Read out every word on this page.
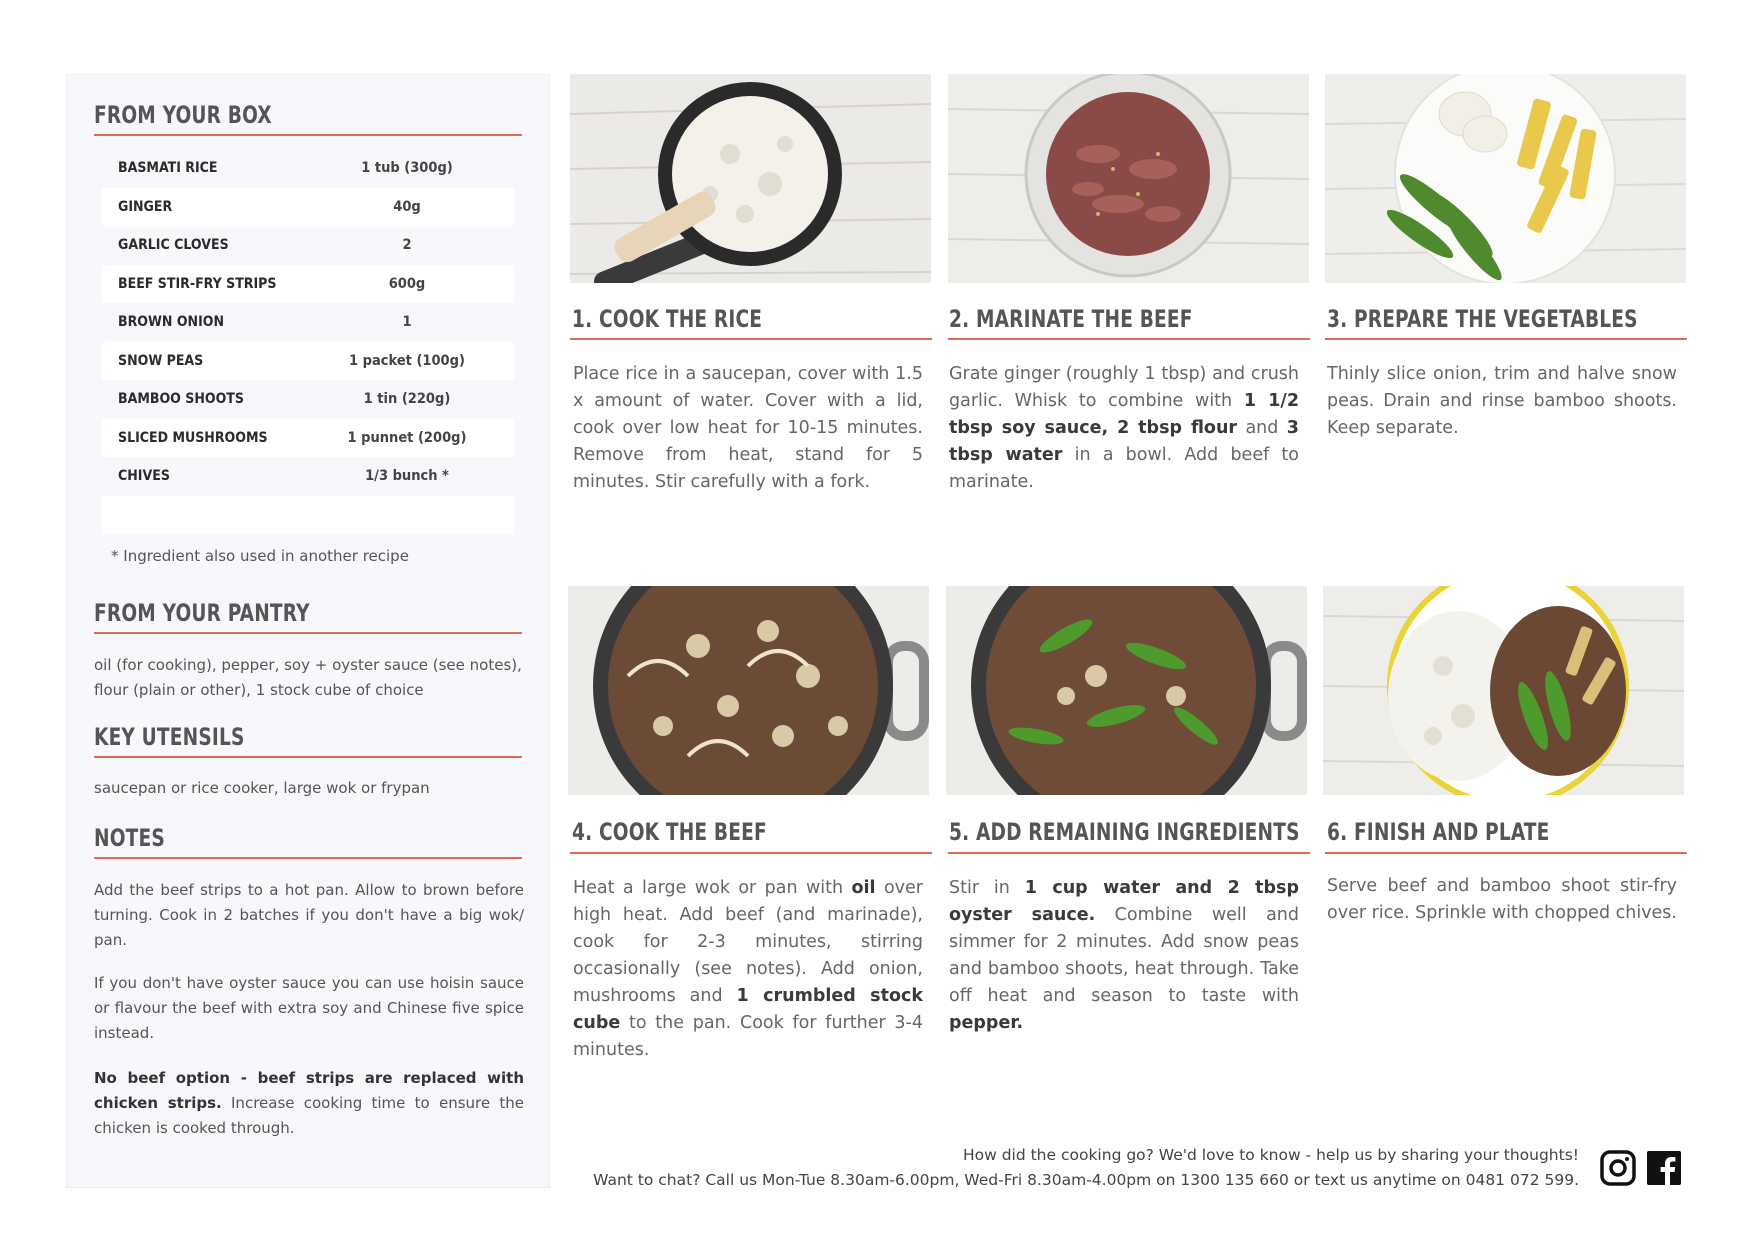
FROM YOUR BOX
BASMATI RICE	1 tub (300g)
GINGER	40g
GARLIC CLOVES	2
BEEF STIR-FRY STRIPS	600g
BROWN ONION	1
SNOW PEAS	1 packet (100g)
BAMBOO SHOOTS	1 tin (220g)
SLICED MUSHROOMS	1 punnet (200g)
CHIVES	1/3 bunch *
* Ingredient also used in another recipe
FROM YOUR PANTRY
oil (for cooking), pepper, soy + oyster sauce (see notes), flour (plain or other), 1 stock cube of choice
KEY UTENSILS
saucepan or rice cooker, large wok or frypan
NOTES
Add the beef strips to a hot pan. Allow to brown before turning. Cook in 2 batches if you don't have a big wok/ pan.
If you don't have oyster sauce you can use hoisin sauce or flavour the beef with extra soy and Chinese five spice instead.
No beef option - beef strips are replaced with chicken strips. Increase cooking time to ensure the chicken is cooked through.
1. COOK THE RICE
Place rice in a saucepan, cover with 1.5 x amount of water. Cover with a lid, cook over low heat for 10-15 minutes. Remove from heat, stand for 5 minutes. Stir carefully with a fork.
2. MARINATE THE BEEF
Grate ginger (roughly 1 tbsp) and crush garlic. Whisk to combine with 1 1/2 tbsp soy sauce, 2 tbsp flour and 3 tbsp water in a bowl. Add beef to marinate.
3. PREPARE THE VEGETABLES
Thinly slice onion, trim and halve snow peas. Drain and rinse bamboo shoots. Keep separate.
4. COOK THE BEEF
Heat a large wok or pan with oil over high heat. Add beef (and marinade), cook for 2-3 minutes, stirring occasionally (see notes). Add onion, mushrooms and 1 crumbled stock cube to the pan. Cook for further 3-4 minutes.
5. ADD REMAINING INGREDIENTS
Stir in 1 cup water and 2 tbsp oyster sauce. Combine well and simmer for 2 minutes. Add snow peas and bamboo shoots, heat through. Take off heat and season to taste with pepper.
6. FINISH AND PLATE
Serve beef and bamboo shoot stir-fry over rice. Sprinkle with chopped chives.
How did the cooking go? We'd love to know - help us by sharing your thoughts!
Want to chat? Call us Mon-Tue 8.30am-6.00pm, Wed-Fri 8.30am-4.00pm on 1300 135 660 or text us anytime on 0481 072 599.
